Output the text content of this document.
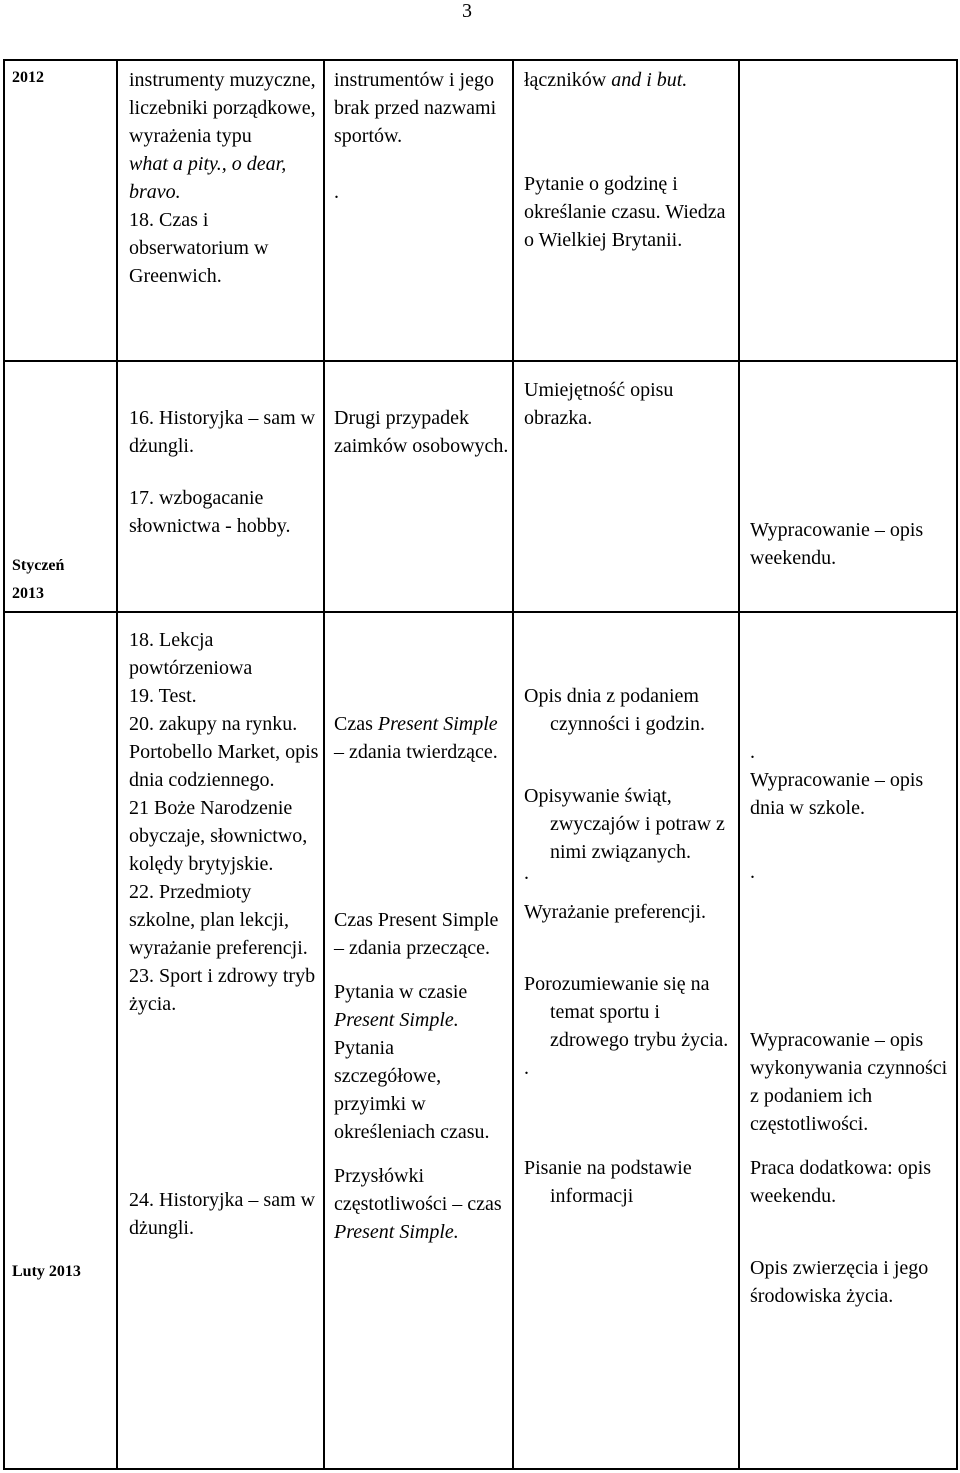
3
2012	instrumenty muzyczne, liczebniki porządkowe, wyrażenia typu

what a pity., o dear, bravo.

18. Czas i obserwatorium w Greenwich.

instrumentów i jego brak przed nazwami sportów.

.

łączników and i but.

Pytanie o godzinę i określanie czasu. Wiedza o Wielkiej Brytanii.

Styczeń
2013

16. Historyjka – sam w dżungli.

17. wzbogacanie słownictwa - hobby.

Drugi przypadek zaimków osobowych.

Umiejętność opisu obrazka.

Wypracowanie – opis weekendu.

Luty 2013

18. Lekcja powtórzeniowa

19. Test.

20. zakupy na rynku. Portobello Market, opis dnia codziennego.

21 Boże Narodzenie obyczaje, słownictwo, kolędy brytyjskie.

22. Przedmioty szkolne, plan lekcji, wyrażanie preferencji.

23. Sport i zdrowy tryb życia.

24. Historyjka – sam w dżungli.

Czas Present Simple – zdania twierdzące.

Czas Present Simple – zdania przeczące.

Pytania w czasie Present Simple.

Pytania szczegółowe, przyimki w określeniach czasu.

Przysłówki częstotliwości – czas Present Simple.

Opis dnia z podaniem czynności i godzin.

Opisywanie świąt, zwyczajów i potraw z nimi związanych.

.

Wyrażanie preferencji.

Porozumiewanie się na temat sportu i zdrowego trybu życia.

.

Pisanie na podstawie informacji

.

Wypracowanie – opis dnia w szkole.

.

Wypracowanie – opis wykonywania czynności z podaniem ich częstotliwości.

Praca dodatkowa: opis weekendu.

Opis zwierzęcia i jego środowiska życia.
